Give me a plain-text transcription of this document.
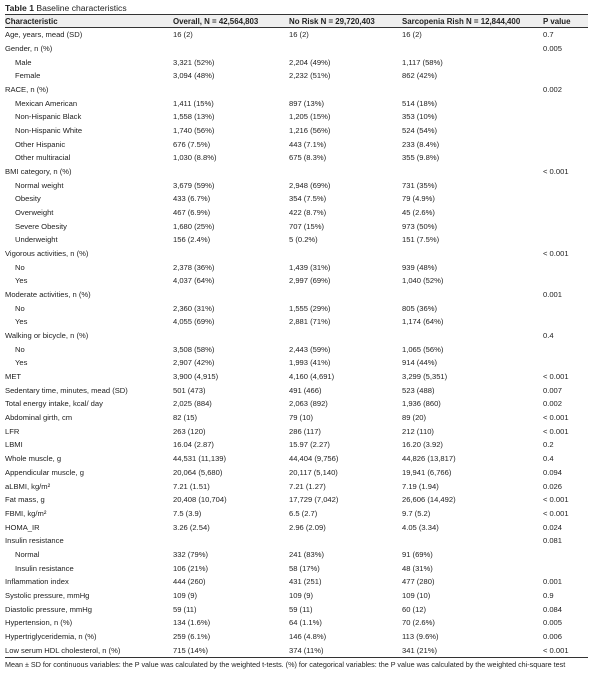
Table 1 Baseline characteristics
Characteristic	Overall, N = 42,564,803	No Risk N = 29,720,403	Sarcopenia Rish N = 12,844,400	P value
Age, years, mead (SD)	16 (2)	16 (2)	16 (2)	0.7
Gender, n (%)				0.005
Male	3,321 (52%)	2,204 (49%)	1,117 (58%)	
Female	3,094 (48%)	2,232 (51%)	862 (42%)	
RACE, n (%)				0.002
Mexican American	1,411 (15%)	897 (13%)	514 (18%)	
Non-Hispanic Black	1,558 (13%)	1,205 (15%)	353 (10%)	
Non-Hispanic White	1,740 (56%)	1,216 (56%)	524 (54%)	
Other Hispanic	676 (7.5%)	443 (7.1%)	233 (8.4%)	
Other multiracial	1,030 (8.8%)	675 (8.3%)	355 (9.8%)	
BMI category, n (%)				< 0.001
Normal weight	3,679 (59%)	2,948 (69%)	731 (35%)	
Obesity	433 (6.7%)	354 (7.5%)	79 (4.9%)	
Overweight	467 (6.9%)	422 (8.7%)	45 (2.6%)	
Severe Obesity	1,680 (25%)	707 (15%)	973 (50%)	
Underweight	156 (2.4%)	5 (0.2%)	151 (7.5%)	
Vigorous activities, n (%)				< 0.001
No	2,378 (36%)	1,439 (31%)	939 (48%)	
Yes	4,037 (64%)	2,997 (69%)	1,040 (52%)	
Moderate activities, n (%)				0.001
No	2,360 (31%)	1,555 (29%)	805 (36%)	
Yes	4,055 (69%)	2,881 (71%)	1,174 (64%)	
Walking or bicycle, n (%)				0.4
No	3,508 (58%)	2,443 (59%)	1,065 (56%)	
Yes	2,907 (42%)	1,993 (41%)	914 (44%)	
MET	3,900 (4,915)	4,160 (4,691)	3,299 (5,351)	< 0.001
Sedentary time, minutes, mead (SD)	501 (473)	491 (466)	523 (488)	0.007
Total energy intake, kcal/ day	2,025 (884)	2,063 (892)	1,936 (860)	0.002
Abdominal girth, cm	82 (15)	79 (10)	89 (20)	< 0.001
LFR	263 (120)	286 (117)	212 (110)	< 0.001
LBMI	16.04 (2.87)	15.97 (2.27)	16.20 (3.92)	0.2
Whole muscle, g	44,531 (11,139)	44,404 (9,756)	44,826 (13,817)	0.4
Appendicular muscle, g	20,064 (5,680)	20,117 (5,140)	19,941 (6,766)	0.094
aLBMI, kg/m²	7.21 (1.51)	7.21 (1.27)	7.19 (1.94)	0.026
Fat mass, g	20,408 (10,704)	17,729 (7,042)	26,606 (14,492)	< 0.001
FBMI, kg/m²	7.5 (3.9)	6.5 (2.7)	9.7 (5.2)	< 0.001
HOMA_IR	3.26 (2.54)	2.96 (2.09)	4.05 (3.34)	0.024
Insulin resistance				0.081
Normal	332 (79%)	241 (83%)	91 (69%)	
Insulin resistance	106 (21%)	58 (17%)	48 (31%)	
Inflammation index	444 (260)	431 (251)	477 (280)	0.001
Systolic pressure, mmHg	109 (9)	109 (9)	109 (10)	0.9
Diastolic pressure, mmHg	59 (11)	59 (11)	60 (12)	0.084
Hypertension, n (%)	134 (1.6%)	64 (1.1%)	70 (2.6%)	0.005
Hypertriglyceridemia, n (%)	259 (6.1%)	146 (4.8%)	113 (9.6%)	0.006
Low serum HDL cholesterol, n (%)	715 (14%)	374 (11%)	341 (21%)	< 0.001
Mean ± SD for continuous variables: the P value was calculated by the weighted t-tests. (%) for categorical variables: the P value was calculated by the weighted chi-square test
